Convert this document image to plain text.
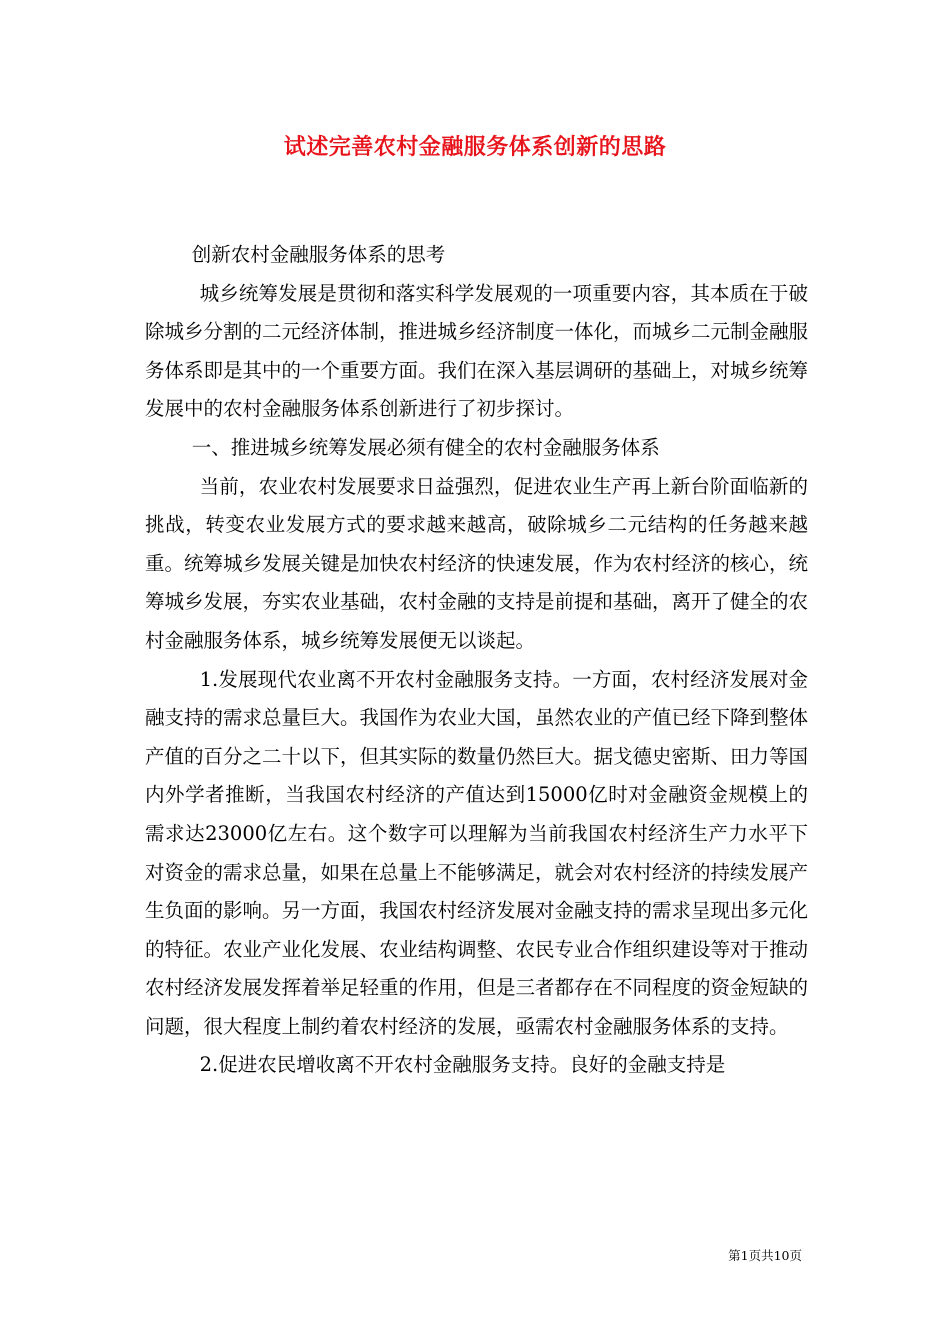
试述完善农村金融服务体系创新的思路

创新农村金融服务体系的思考

城乡统筹发展是贯彻和落实科学发展观的一项重要内容，其本质在于破除城乡分割的二元经济体制，推进城乡经济制度一体化，而城乡二元制金融服务体系即是其中的一个重要方面。我们在深入基层调研的基础上，对城乡统筹发展中的农村金融服务体系创新进行了初步探讨。

一、推进城乡统筹发展必须有健全的农村金融服务体系

当前，农业农村发展要求日益强烈，促进农业生产再上新台阶面临新的挑战，转变农业发展方式的要求越来越高，破除城乡二元结构的任务越来越重。统筹城乡发展关键是加快农村经济的快速发展，作为农村经济的核心，统筹城乡发展，夯实农业基础，农村金融的支持是前提和基础，离开了健全的农村金融服务体系，城乡统筹发展便无以谈起。

1.发展现代农业离不开农村金融服务支持。一方面，农村经济发展对金融支持的需求总量巨大。我国作为农业大国，虽然农业的产值已经下降到整体产值的百分之二十以下，但其实际的数量仍然巨大。据戈德史密斯、田力等国内外学者推断，当我国农村经济的产值达到15000亿时对金融资金规模上的需求达23000亿左右。这个数字可以理解为当前我国农村经济生产力水平下对资金的需求总量，如果在总量上不能够满足，就会对农村经济的持续发展产生负面的影响。另一方面，我国农村经济发展对金融支持的需求呈现出多元化的特征。农业产业化发展、农业结构调整、农民专业合作组织建设等对于推动农村经济发展发挥着举足轻重的作用，但是三者都存在不同程度的资金短缺的问题，很大程度上制约着农村经济的发展，亟需农村金融服务体系的支持。

2.促进农民增收离不开农村金融服务支持。良好的金融支持是

第1页共10页
